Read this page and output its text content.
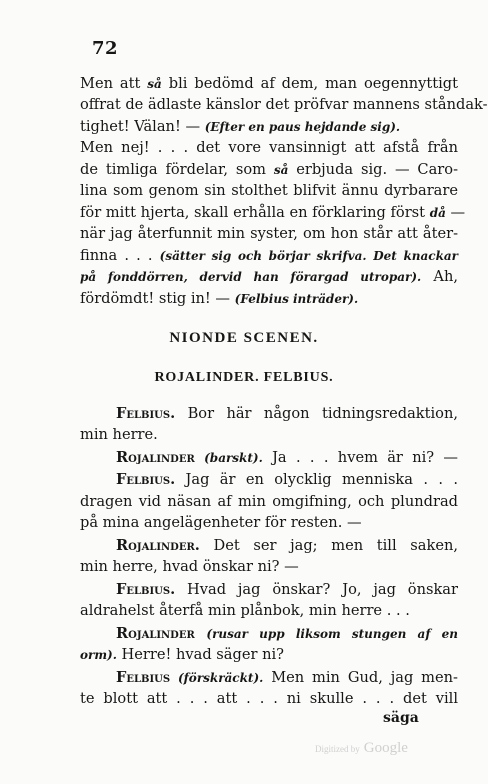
72
Men att så bli bedömd af dem, man oegennyttigt
offrat de ädlaste känslor det pröfvar mannens ståndak-
tighet! Välan! — (Efter en paus hejdande sig).
Men nej! . . . det vore vansinnigt att afstå från
de timliga fördelar, som så erbjuda sig. — Caro-
lina som genom sin stolthet blifvit ännu dyrbarare
för mitt hjerta, skall erhålla en förklaring först då —
när jag återfunnit min syster, om hon står att åter-
finna . . . (sätter sig och börjar skrifva. Det knackar
på fonddörren, dervid han förargad utropar). Ah,
fördömdt! stig in! — (Felbius inträder).
NIONDE SCENEN.
ROJALINDER. FELBIUS.
Felbius. Bor här någon tidningsredaktion,
min herre.
Rojalinder (barskt). Ja . . . hvem är ni? —
Felbius. Jag är en olycklig menniska . . .
dragen vid näsan af min omgifning, och plundrad
på mina angelägenheter för resten. —
Rojalinder. Det ser jag; men till saken,
min herre, hvad önskar ni? —
Felbius. Hvad jag önskar? Jo, jag önskar
aldrahelst återfå min plånbok, min herre . . .
Rojalinder (rusar upp liksom stungen af en
orm). Herre! hvad säger ni?
Felbius (förskräckt). Men min Gud, jag men-
te blott att . . . att . . . ni skulle . . . det vill
säga
Digitized by Google
